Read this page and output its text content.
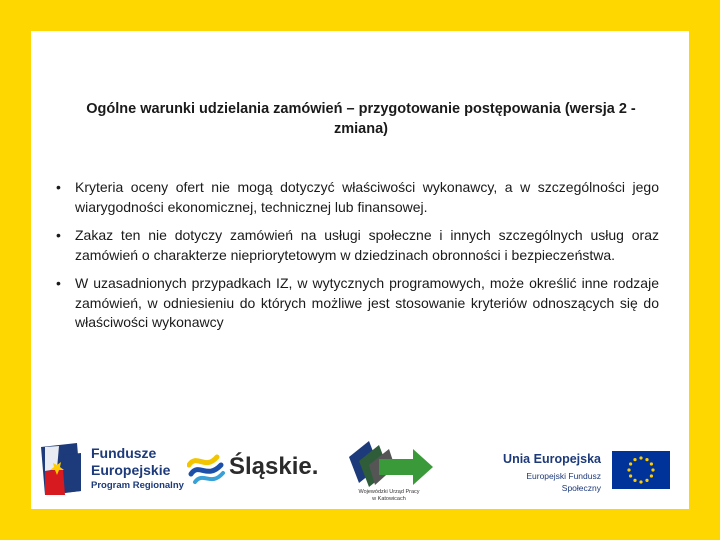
Ogólne warunki udzielania zamówień – przygotowanie postępowania (wersja 2 - zmiana)
• Kryteria oceny ofert nie mogą dotyczyć właściwości wykonawcy, a w szczególności jego wiarygodności ekonomicznej, technicznej lub finansowej.
• Zakaz ten nie dotyczy zamówień na usługi społeczne i innych szczególnych usług oraz zamówień o charakterze niepriorytetowym w dziedzinach obronności i bezpieczeństwa.
• W uzasadnionych przypadkach IZ, w wytycznych programowych, może określić inne rodzaje zamówień, w odniesieniu do których możliwe jest stosowanie kryteriów odnoszących się do właściwości wykonawcy
Fundusze
Europejskie
Program Regionalny
Śląskie.
Wojewódzki Urząd Pracy
w Katowicach
Unia Europejska
Europejski Fundusz Społeczny
